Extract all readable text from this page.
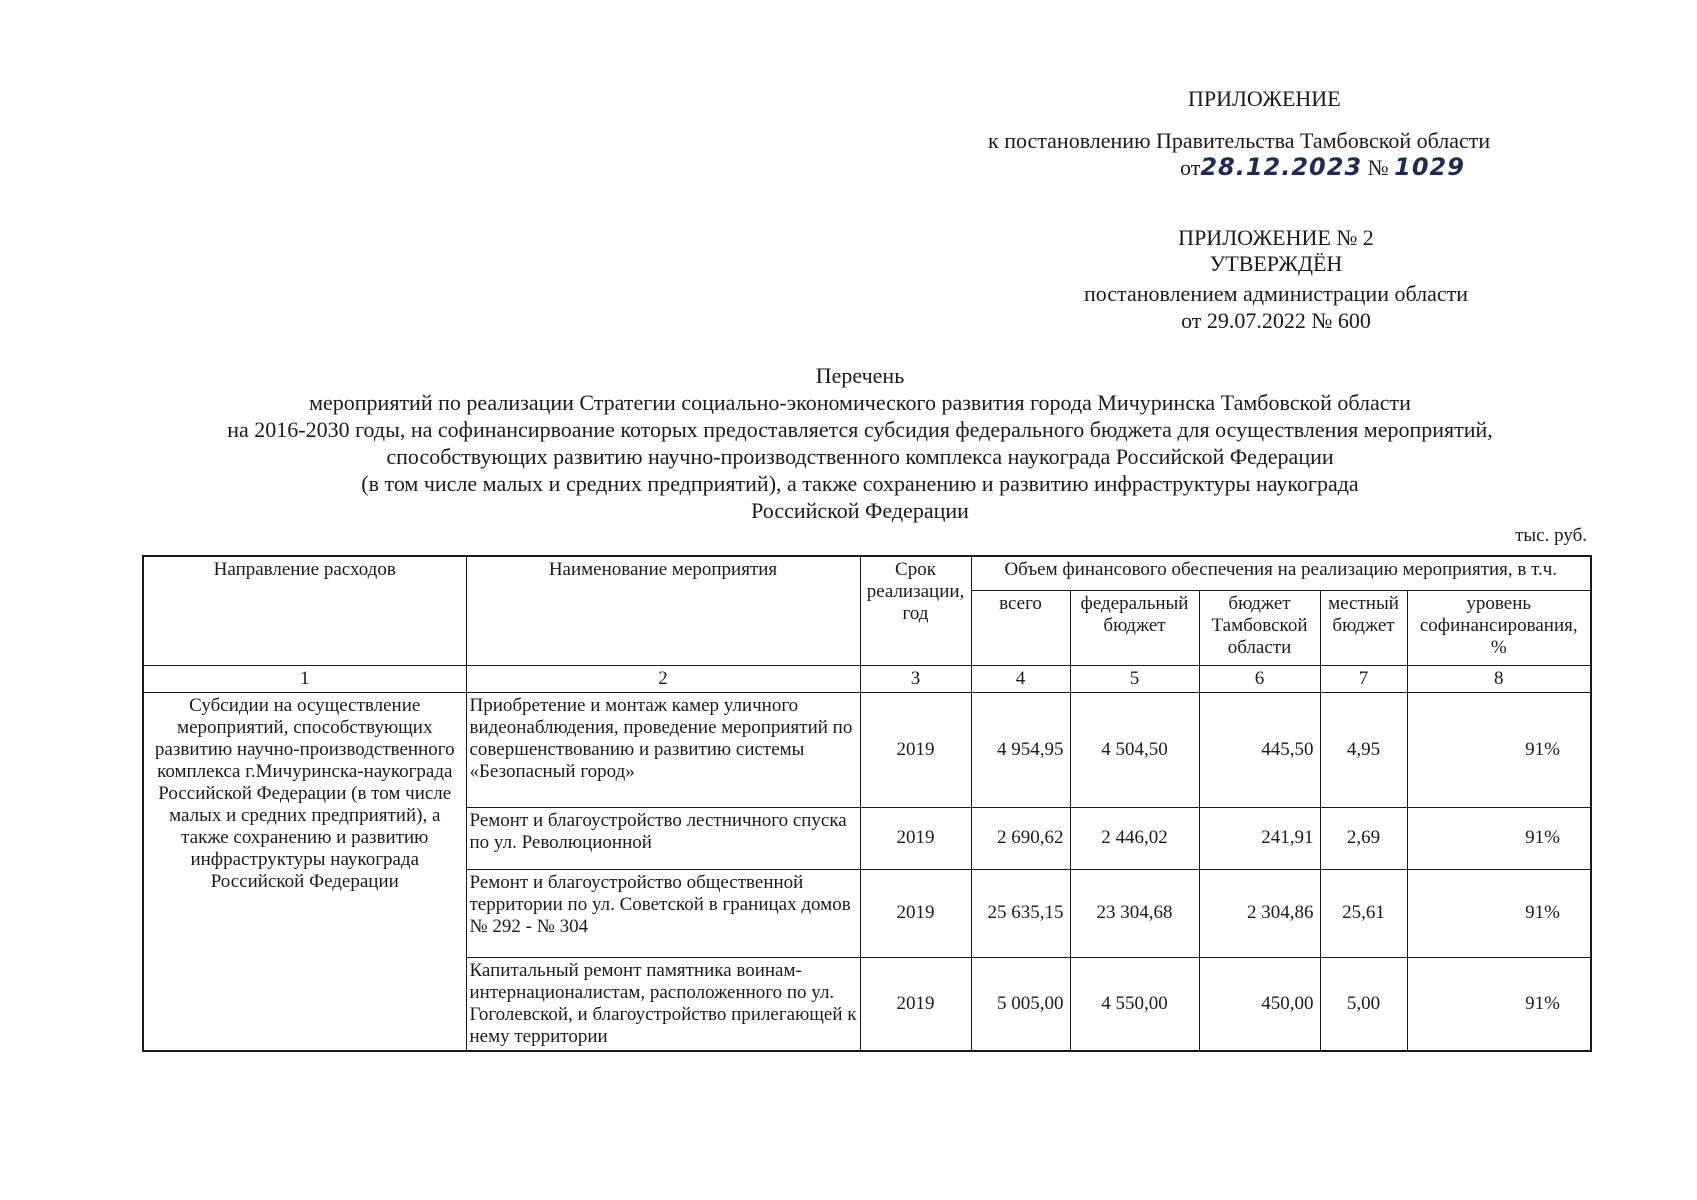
ПРИЛОЖЕНИЕ
к постановлению Правительства Тамбовской области
от28.12.2023 № 1029
ПРИЛОЖЕНИЕ № 2
УТВЕРЖДЁН
постановлением администрации области
от 29.07.2022 № 600
Перечень
мероприятий по реализации Стратегии социально-экономического развития города Мичуринска Тамбовской области
на 2016-2030 годы, на софинансирвоание которых предоставляется субсидия федерального бюджета для осуществления мероприятий,
способствующих развитию научно-производственного комплекса наукограда Российской Федерации
(в том числе малых и средних предприятий), а также сохранению и развитию инфраструктуры наукограда
Российской Федерации
тыс. руб.
Направление расходов	Наименование мероприятия	Срок реализации, год	Объем финансового обеспечения на реализацию мероприятия, в т.ч.				
			всего	федеральный бюджет	бюджет Тамбовской области	местный бюджет	уровень софинансирования, %
1	2	3	4	5	6	7	8
Субсидии на осуществление мероприятий, способствующих развитию научно-производственного комплекса г.Мичуринска-наукограда Российской Федерации (в том числе малых и средних предприятий), а также сохранению и развитию инфраструктуры наукограда Российской Федерации	Приобретение и монтаж камер уличного видеонаблюдения, проведение мероприятий по совершенствованию и развитию системы «Безопасный город»	2019	4 954,95	4 504,50	445,50	4,95	91%
	Ремонт и благоустройство лестничного спуска по ул. Революционной	2019	2 690,62	2 446,02	241,91	2,69	91%
	Ремонт и благоустройство общественной территории по ул. Советской в границах домов № 292 - № 304	2019	25 635,15	23 304,68	2 304,86	25,61	91%
	Капитальный ремонт памятника воинам-интернационалистам, расположенного по ул. Гоголевской, и благоустройство прилегающей к нему территории	2019	5 005,00	4 550,00	450,00	5,00	91%
